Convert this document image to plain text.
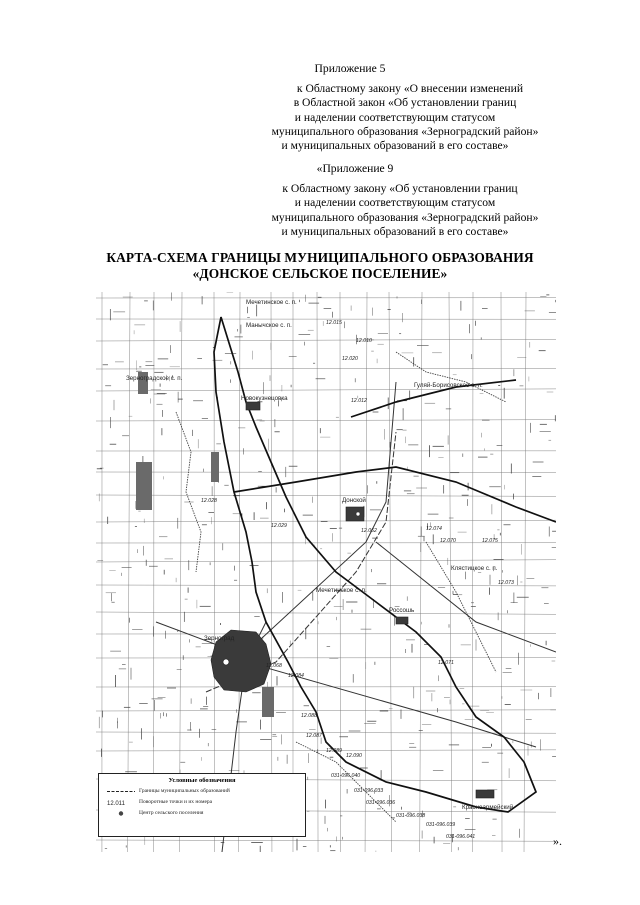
Приложение 5
к Областному закону «О внесении изменений
в Областной закон «Об установлении границ
и наделении соответствующим статусом
муниципального образования «Зерноградский район»
и муниципальных образований в его составе»
«Приложение 9
к Областному закону «Об установлении границ
и наделении соответствующим статусом
муниципального образования «Зерноградский район»
и муниципальных образований в его составе»
КАРТА-СХЕМА ГРАНИЦЫ МУНИЦИПАЛЬНОГО ОБРАЗОВАНИЯ
«ДОНСКОЕ СЕЛЬСКОЕ ПОСЕЛЕНИЕ»
Мечетинское с. п.
Манычское с. п.
Зерноградское с. п.
Новокузнецовка
Гуляй-Борисовское с. п.
Донской
Мечетинское с. п.
Клястицкое с. п.
Россошь
Зерноград
Красноармейский
12.015
12.010
12.012
12.028
12.020
12.029
12.062	12.074
12.070	12.075
12.071
12.068
12.084
12.088
12.087
12.089
12.090
031-096.040
031-096.033
031-096.036
031-096.038
031-096.039
031-096.041
12.073
Условные обозначения
Границы муниципальных образований
12.011	Поворотные точки и их номера
Центр сельского поселения
».
